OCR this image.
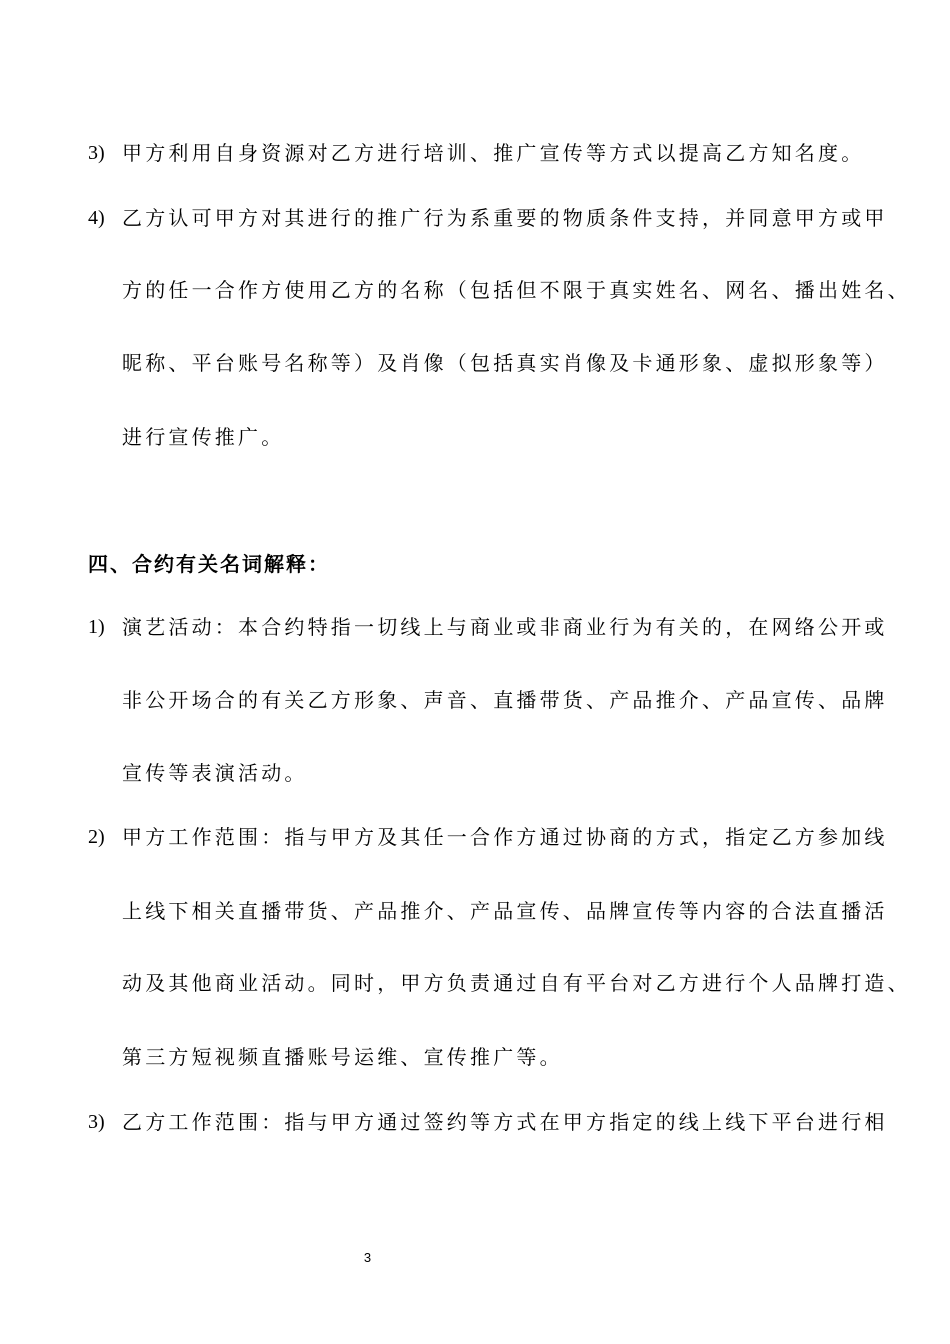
3) 甲方利用自身资源对乙方进行培训、推广宣传等方式以提高乙方知名度。
4) 乙方认可甲方对其进行的推广行为系重要的物质条件支持，并同意甲方或甲
方的任一合作方使用乙方的名称（包括但不限于真实姓名、网名、播出姓名、
昵称、平台账号名称等）及肖像（包括真实肖像及卡通形象、虚拟形象等）
进行宣传推广。
四、合约有关名词解释：
1) 演艺活动：本合约特指一切线上与商业或非商业行为有关的，在网络公开或
非公开场合的有关乙方形象、声音、直播带货、产品推介、产品宣传、品牌
宣传等表演活动。
2) 甲方工作范围：指与甲方及其任一合作方通过协商的方式，指定乙方参加线
上线下相关直播带货、产品推介、产品宣传、品牌宣传等内容的合法直播活
动及其他商业活动。同时，甲方负责通过自有平台对乙方进行个人品牌打造、
第三方短视频直播账号运维、宣传推广等。
3) 乙方工作范围：指与甲方通过签约等方式在甲方指定的线上线下平台进行相
3
